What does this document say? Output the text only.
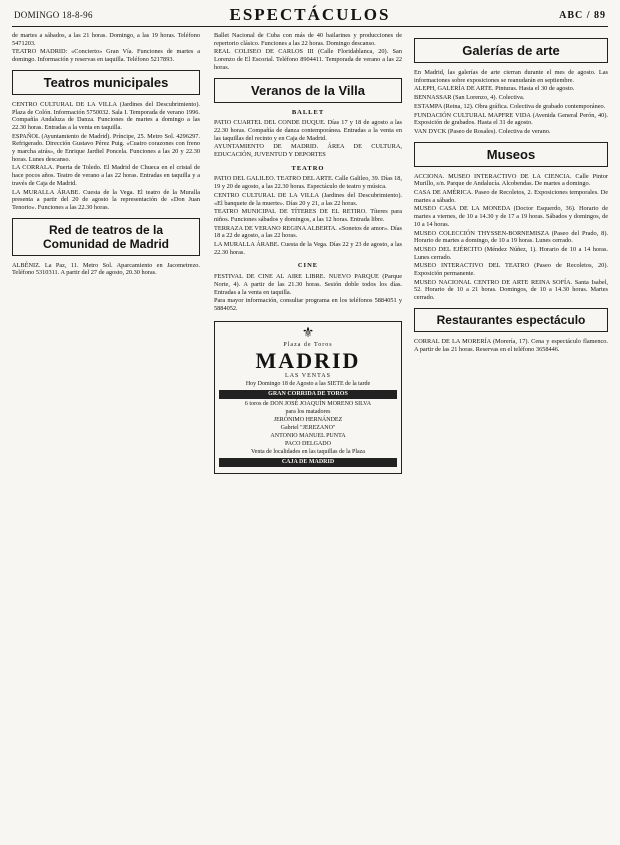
DOMINGO 18-8-96	ESPECTÁCULOS	ABC / 89

de martes a sábados, a las 21 horas. Domingo, a las 19 horas. Teléfono 5471203.

TEATRO MADRID: «Concierto» Gran Vía. Funciones de martes a domingo. Información y reservas en taquilla. Teléfono 5217893.

Teatros municipales

CENTRO CULTURAL DE LA VILLA (Jardines del Descubrimiento). Plaza de Colón. Información 5750032. Sala I. Temporada de verano 1996. Compañía Andaluza de Danza. Funciones de martes a domingo a las 22.30 horas. Entradas a la venta en taquilla.

ESPAÑOL (Ayuntamiento de Madrid). Príncipe, 25. Metro Sol. 4296297. Refrigerado. Dirección Gustavo Pérez Puig. «Cuatro corazones con freno y marcha atrás», de Enrique Jardiel Poncela. Funciones a las 20 y 22.30 horas. Lunes descanso.

LA CORRALA. Puerta de Toledo. El Madrid de Chueca en el cristal de hace pocos años. Teatro de verano a las 22 horas. Entradas en taquilla y a través de Caja de Madrid.

LA MURALLA ÁRABE. Cuesta de la Vega. El teatro de la Muralla presenta a partir del 20 de agosto la representación de «Don Juan Tenorio». Funciones a las 22.30 horas.

Red de teatros de la Comunidad de Madrid

ALBÉNIZ. La Paz, 11. Metro Sol. Aparcamiento en Jacometrezo. Teléfono 5310311. A partir del 27 de agosto, 20.30 horas.

Ballet Nacional de Cuba con más de 40 bailarines y producciones de repertorio clásico. Funciones a las 22 horas. Domingo descanso.

REAL COLISEO DE CARLOS III (Calle Floridablanca, 20). San Lorenzo de El Escorial. Teléfono 8904411. Temporada de verano a las 22 horas.

Veranos de la Villa
BALLET

PATIO CUARTEL DEL CONDE DUQUE. Días 17 y 18 de agosto a las 22.30 horas. Compañía de danza contemporánea. Entradas a la venta en las taquillas del recinto y en Caja de Madrid.

AYUNTAMIENTO DE MADRID. ÁREA DE CULTURA, EDUCACIÓN, JUVENTUD Y DEPORTES

TEATRO

PATIO DEL GALILEO. TEATRO DEL ARTE. Calle Galileo, 39. Días 18, 19 y 20 de agosto, a las 22.30 horas. Espectáculo de teatro y música.

CENTRO CULTURAL DE LA VILLA (Jardines del Descubrimiento). «El banquete de la muerte». Días 20 y 21, a las 22 horas.

TEATRO MUNICIPAL DE TÍTERES DE EL RETIRO. Títeres para niños. Funciones sábados y domingos, a las 12 horas. Entrada libre.

TERRAZA DE VERANO REGINA ALBERTA. «Sonetos de amor». Días 18 a 22 de agosto, a las 22 horas.

LA MURALLA ÁRABE. Cuesta de la Vega. Días 22 y 23 de agosto, a las 22.30 horas.

CINE

FESTIVAL DE CINE AL AIRE LIBRE. NUEVO PARQUE (Parque Norte, 4). A partir de las 21.30 horas. Sesión doble todos los días. Entradas a la venta en taquilla.

Para mayor información, consultar programa en los teléfonos 5884051 y 5884052.

⚜
Plaza de Toros
MADRID
LAS VENTAS
Hoy Domingo 18 de Agosto a las SIETE de la tarde
GRAN CORRIDA DE TOROS
6 toros de DON JOSÉ JOAQUÍN MORENO SILVA
para los matadores
JERÓNIMO HERNÁNDEZ
Gabriel "JEREZANO"
ANTONIO MANUEL PUNTA
PACO DELGADO
Venta de localidades en las taquillas de la Plaza
CAJA DE MADRID
Galerías de arte

En Madrid, las galerías de arte cierran durante el mes de agosto. Las informaciones sobre exposiciones se reanudarán en septiembre.

ALEPH, GALERÍA DE ARTE. Pinturas. Hasta el 30 de agosto.

BENNASSAR (San Lorenzo, 4). Colectiva.

ESTAMPA (Reina, 12). Obra gráfica. Colectiva de grabado contemporáneo.

FUNDACIÓN CULTURAL MAPFRE VIDA (Avenida General Perón, 40). Exposición de grabados. Hasta el 31 de agosto.

VAN DYCK (Paseo de Rosales). Colectiva de verano.

Museos

ACCIONA. MUSEO INTERACTIVO DE LA CIENCIA. Calle Pintor Murillo, s/n. Parque de Andalucía. Alcobendas. De martes a domingo.

CASA DE AMÉRICA. Paseo de Recoletos, 2. Exposiciones temporales. De martes a sábado.

MUSEO CASA DE LA MONEDA (Doctor Esquerdo, 36). Horario de martes a viernes, de 10 a 14.30 y de 17 a 19 horas. Sábados y domingos, de 10 a 14 horas.

MUSEO COLECCIÓN THYSSEN-BORNEMISZA (Paseo del Prado, 8). Horario de martes a domingo, de 10 a 19 horas. Lunes cerrado.

MUSEO DEL EJÉRCITO (Méndez Núñez, 1). Horario de 10 a 14 horas. Lunes cerrado.

MUSEO INTERACTIVO DEL TEATRO (Paseo de Recoletos, 20). Exposición permanente.

MUSEO NACIONAL CENTRO DE ARTE REINA SOFÍA. Santa Isabel, 52. Horario de 10 a 21 horas. Domingos, de 10 a 14.30 horas. Martes cerrado.

Restaurantes espectáculo

CORRAL DE LA MORERÍA (Morería, 17). Cena y espectáculo flamenco. A partir de las 21 horas. Reservas en el teléfono 3658446.
